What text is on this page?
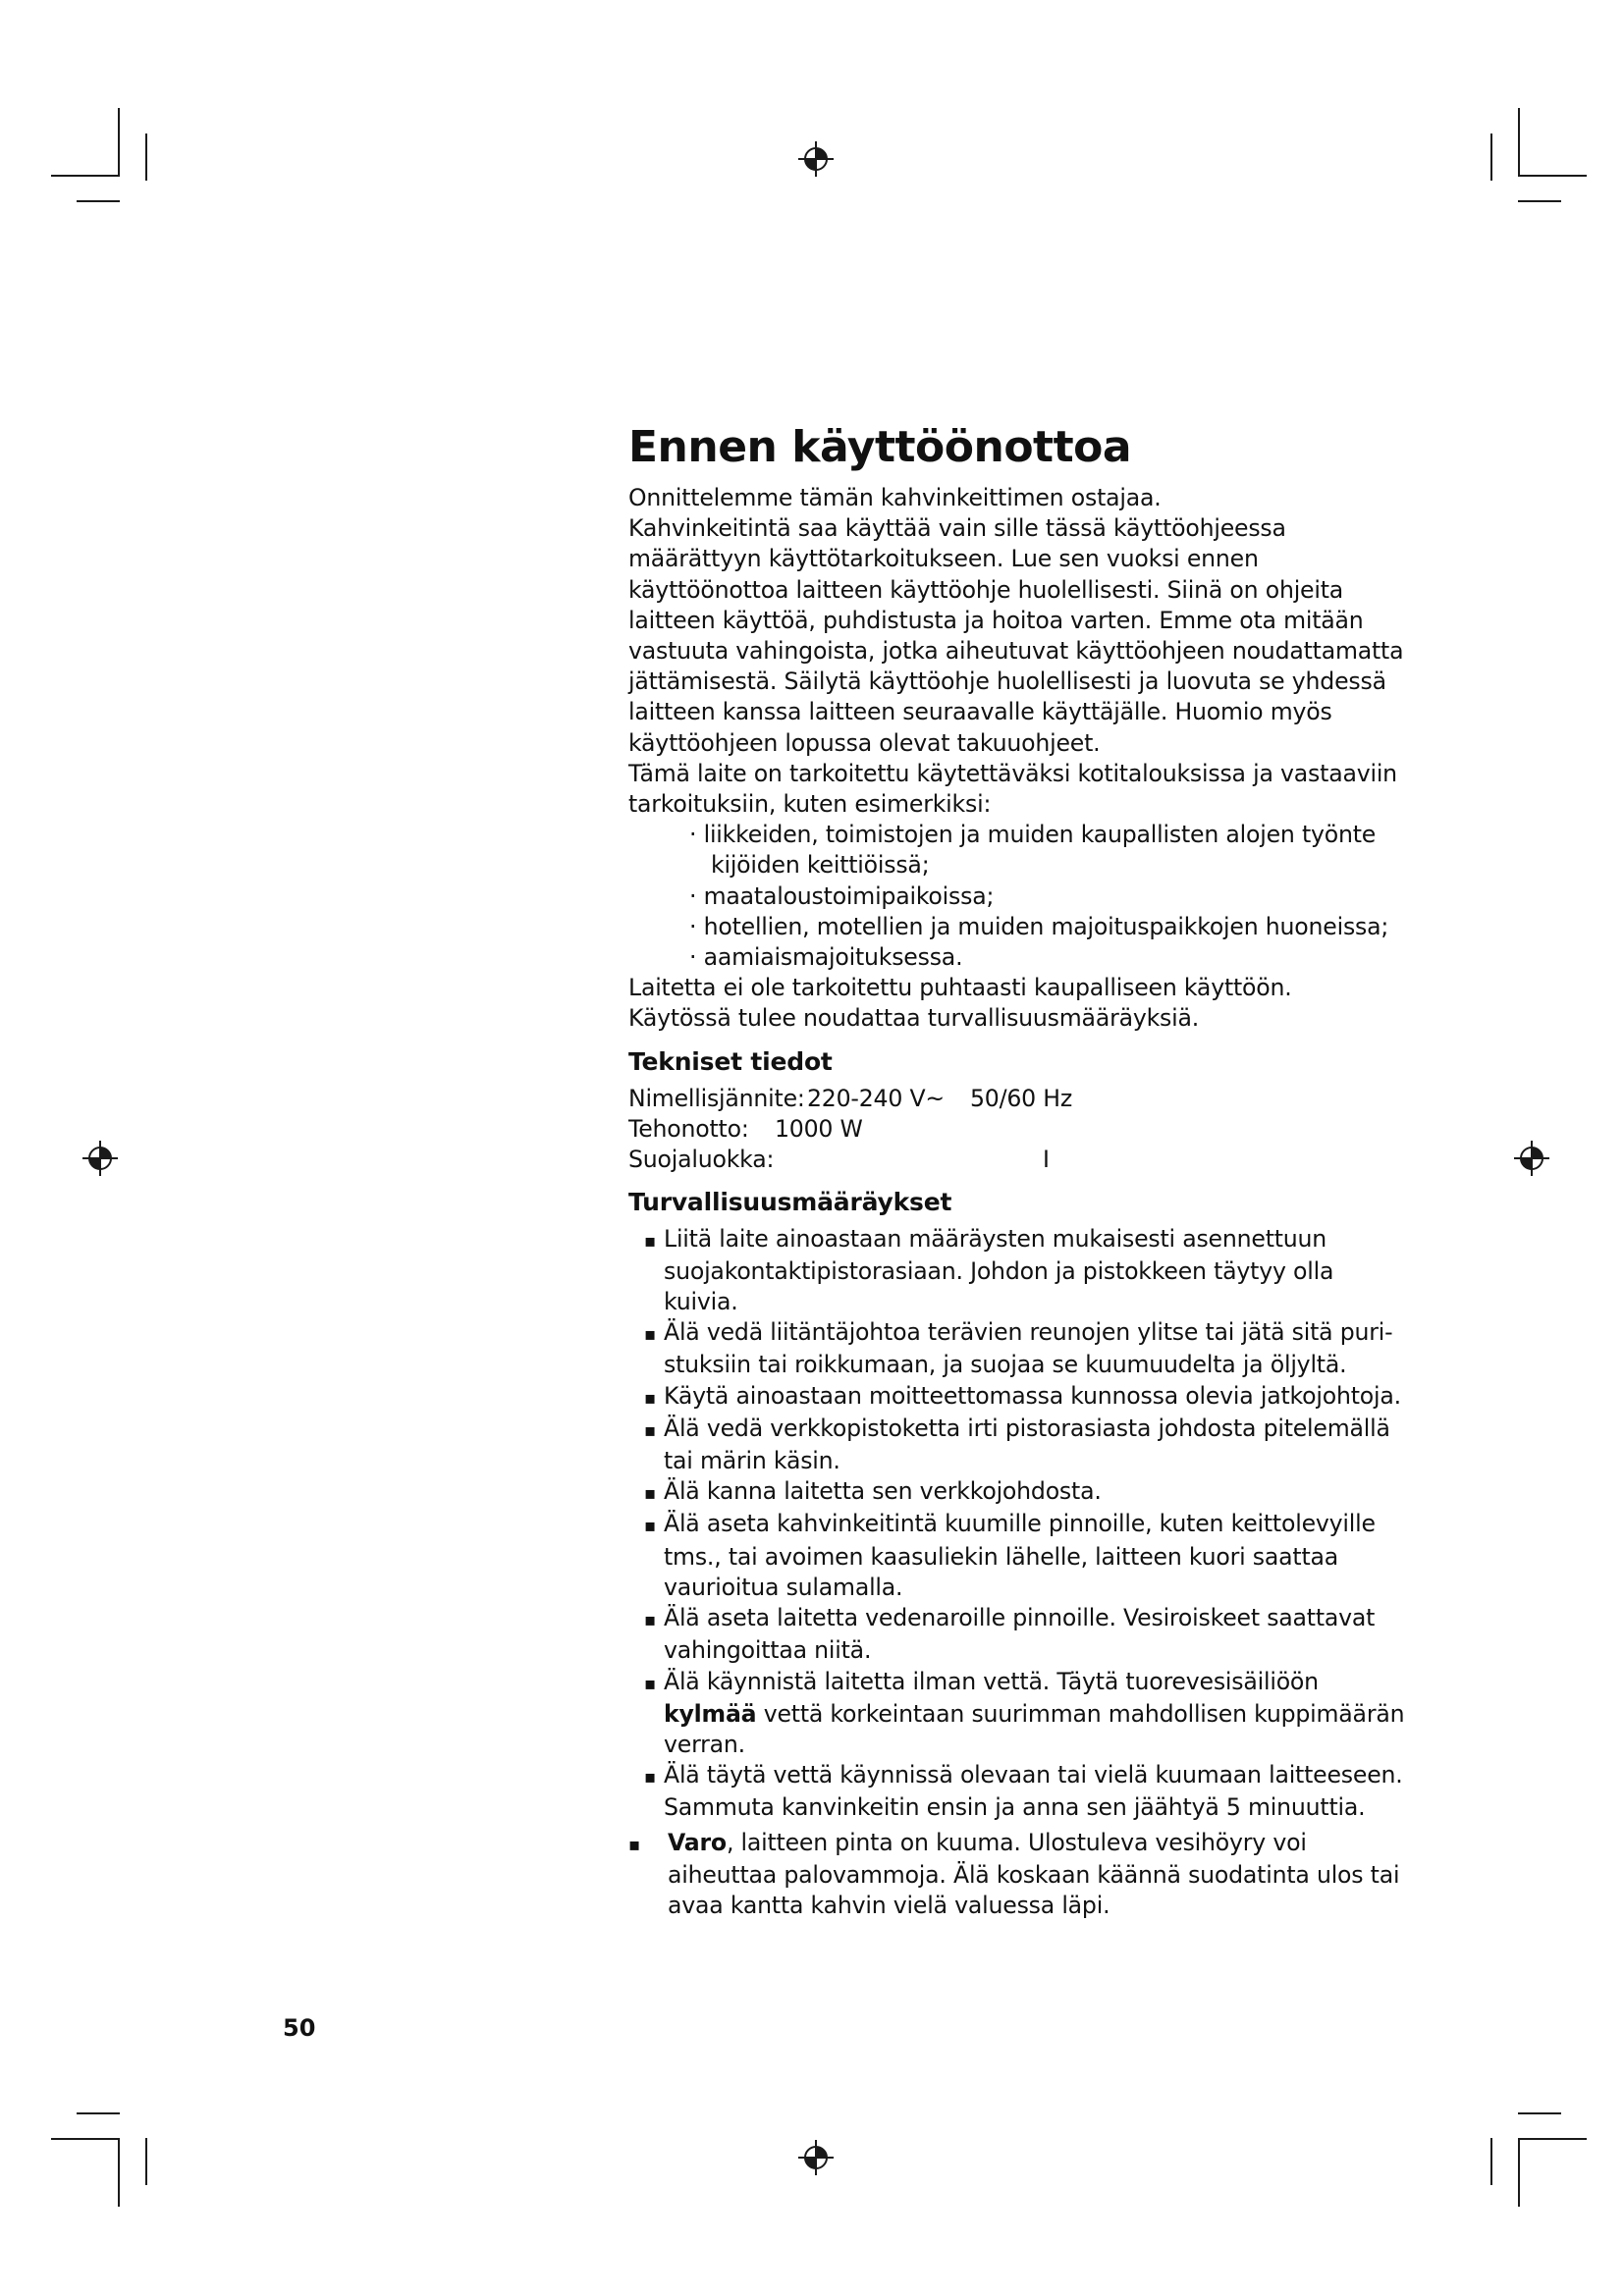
Ennen käyttöönottoa

Onnittelemme tämän kahvinkeittimen ostajaa.

Kahvinkeitintä saa käyttää vain sille tässä käyttöohjeessa määrättyyn käyttötarkoitukseen. Lue sen vuoksi ennen käyttöönottoa laitteen käyttöohje huolellisesti. Siinä on ohjeita laitteen käyttöä, puhdistusta ja hoitoa varten. Emme ota mitään vastuuta vahingoista, jotka aiheutuvat käyttöohjeen noudattamatta jättämisestä. Säilytä käyttöohje huolellisesti ja luovuta se yhdessä laitteen kanssa laitteen seuraavalle käyttäjälle. Huomio myös käyttöohjeen lopussa olevat takuuohjeet.

Tämä laite on tarkoitettu käytettäväksi kotitalouksissa ja vastaaviin tarkoituksiin, kuten esimerkiksi:

· liikkeiden, toimistojen ja muiden kaupallisten alojen työnte kijöiden keittiöissä;
· maataloustoimipaikoissa;
· hotellien, motellien ja muiden majoituspaikkojen huoneissa;
· aamiaismajoituksessa.

Laitetta ei ole tarkoitettu puhtaasti kaupalliseen käyttöön.

Käytössä tulee noudattaa turvallisuusmääräyksiä.

Tekniset tiedot
Nimellisjännite: 220-240 V~ 50/60 Hz
Tehonotto: 1000 W
Suojaluokka:	I
Turvallisuusmääräykset
▪ Liitä laite ainoastaan määräysten mukaisesti asennettuun suojakontaktipistorasiaan. Johdon ja pistokkeen täytyy olla kuivia.
▪ Älä vedä liitäntäjohtoa terävien reunojen ylitse tai jätä sitä puristuksiin tai roikkumaan, ja suojaa se kuumuudelta ja öljyltä.
▪ Käytä ainoastaan moitteettomassa kunnossa olevia jatkojohtoja.
▪ Älä vedä verkkopistoketta irti pistorasiasta johdosta pitelemällä tai märin käsin.
▪ Älä kanna laitetta sen verkkojohdosta.
▪ Älä aseta kahvinkeitintä kuumille pinnoille, kuten keittolevyille tms., tai avoimen kaasuliekin lähelle, laitteen kuori saattaa vaurioitua sulamalla.
▪ Älä aseta laitetta vedenaroille pinnoille. Vesiroiskeet saattavat vahingoittaa niitä.
▪ Älä käynnistä laitetta ilman vettä. Täytä tuorevesisäiliöön kylmää vettä korkeintaan suurimman mahdollisen kuppimäärän verran.
▪ Älä täytä vettä käynnissä olevaan tai vielä kuumaan laitteeseen. Sammuta kanvinkeitin ensin ja anna sen jäähtyä 5 minuuttia.
▪ Varo, laitteen pinta on kuuma. Ulostuleva vesihöyry voi aiheuttaa palovammoja. Älä koskaan käännä suodatinta ulos tai avaa kantta kahvin vielä valuessa läpi.
50
